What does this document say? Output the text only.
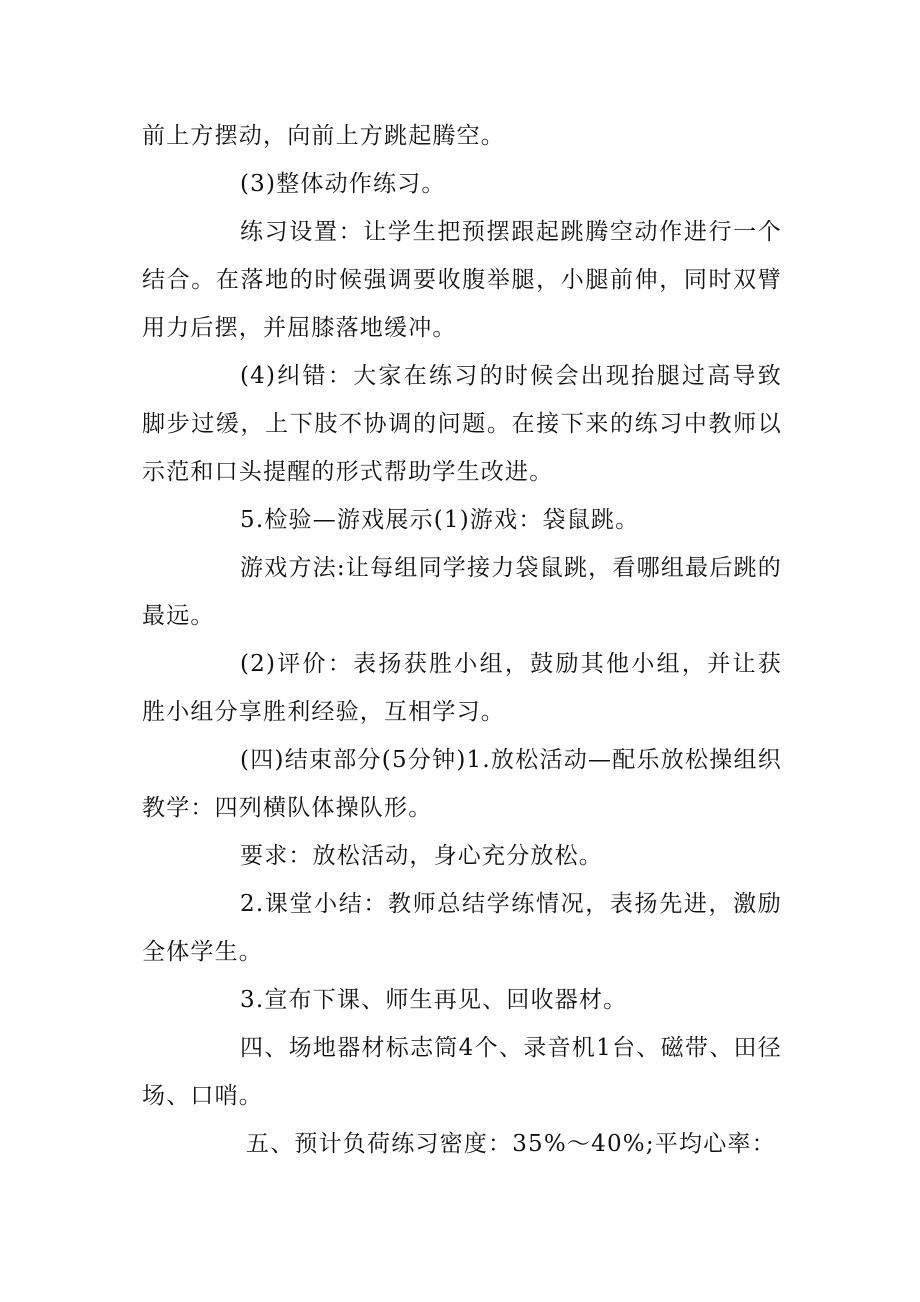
前上方摆动，向前上方跳起腾空。

(3)整体动作练习。

练习设置：让学生把预摆跟起跳腾空动作进行一个结合。在落地的时候强调要收腹举腿，小腿前伸，同时双臂用力后摆，并屈膝落地缓冲。

(4)纠错：大家在练习的时候会出现抬腿过高导致脚步过缓，上下肢不协调的问题。在接下来的练习中教师以示范和口头提醒的形式帮助学生改进。

5.检验—游戏展示(1)游戏：袋鼠跳。

游戏方法:让每组同学接力袋鼠跳，看哪组最后跳的最远。

(2)评价：表扬获胜小组，鼓励其他小组，并让获胜小组分享胜利经验，互相学习。

(四)结束部分(5分钟)1.放松活动—配乐放松操组织教学：四列横队体操队形。

要求：放松活动，身心充分放松。

2.课堂小结：教师总结学练情况，表扬先进，激励全体学生。

3.宣布下课、师生再见、回收器材。

四、场地器材标志筒4个、录音机1台、磁带、田径场、口哨。

五、预计负荷练习密度：35%～40%;平均心率：
